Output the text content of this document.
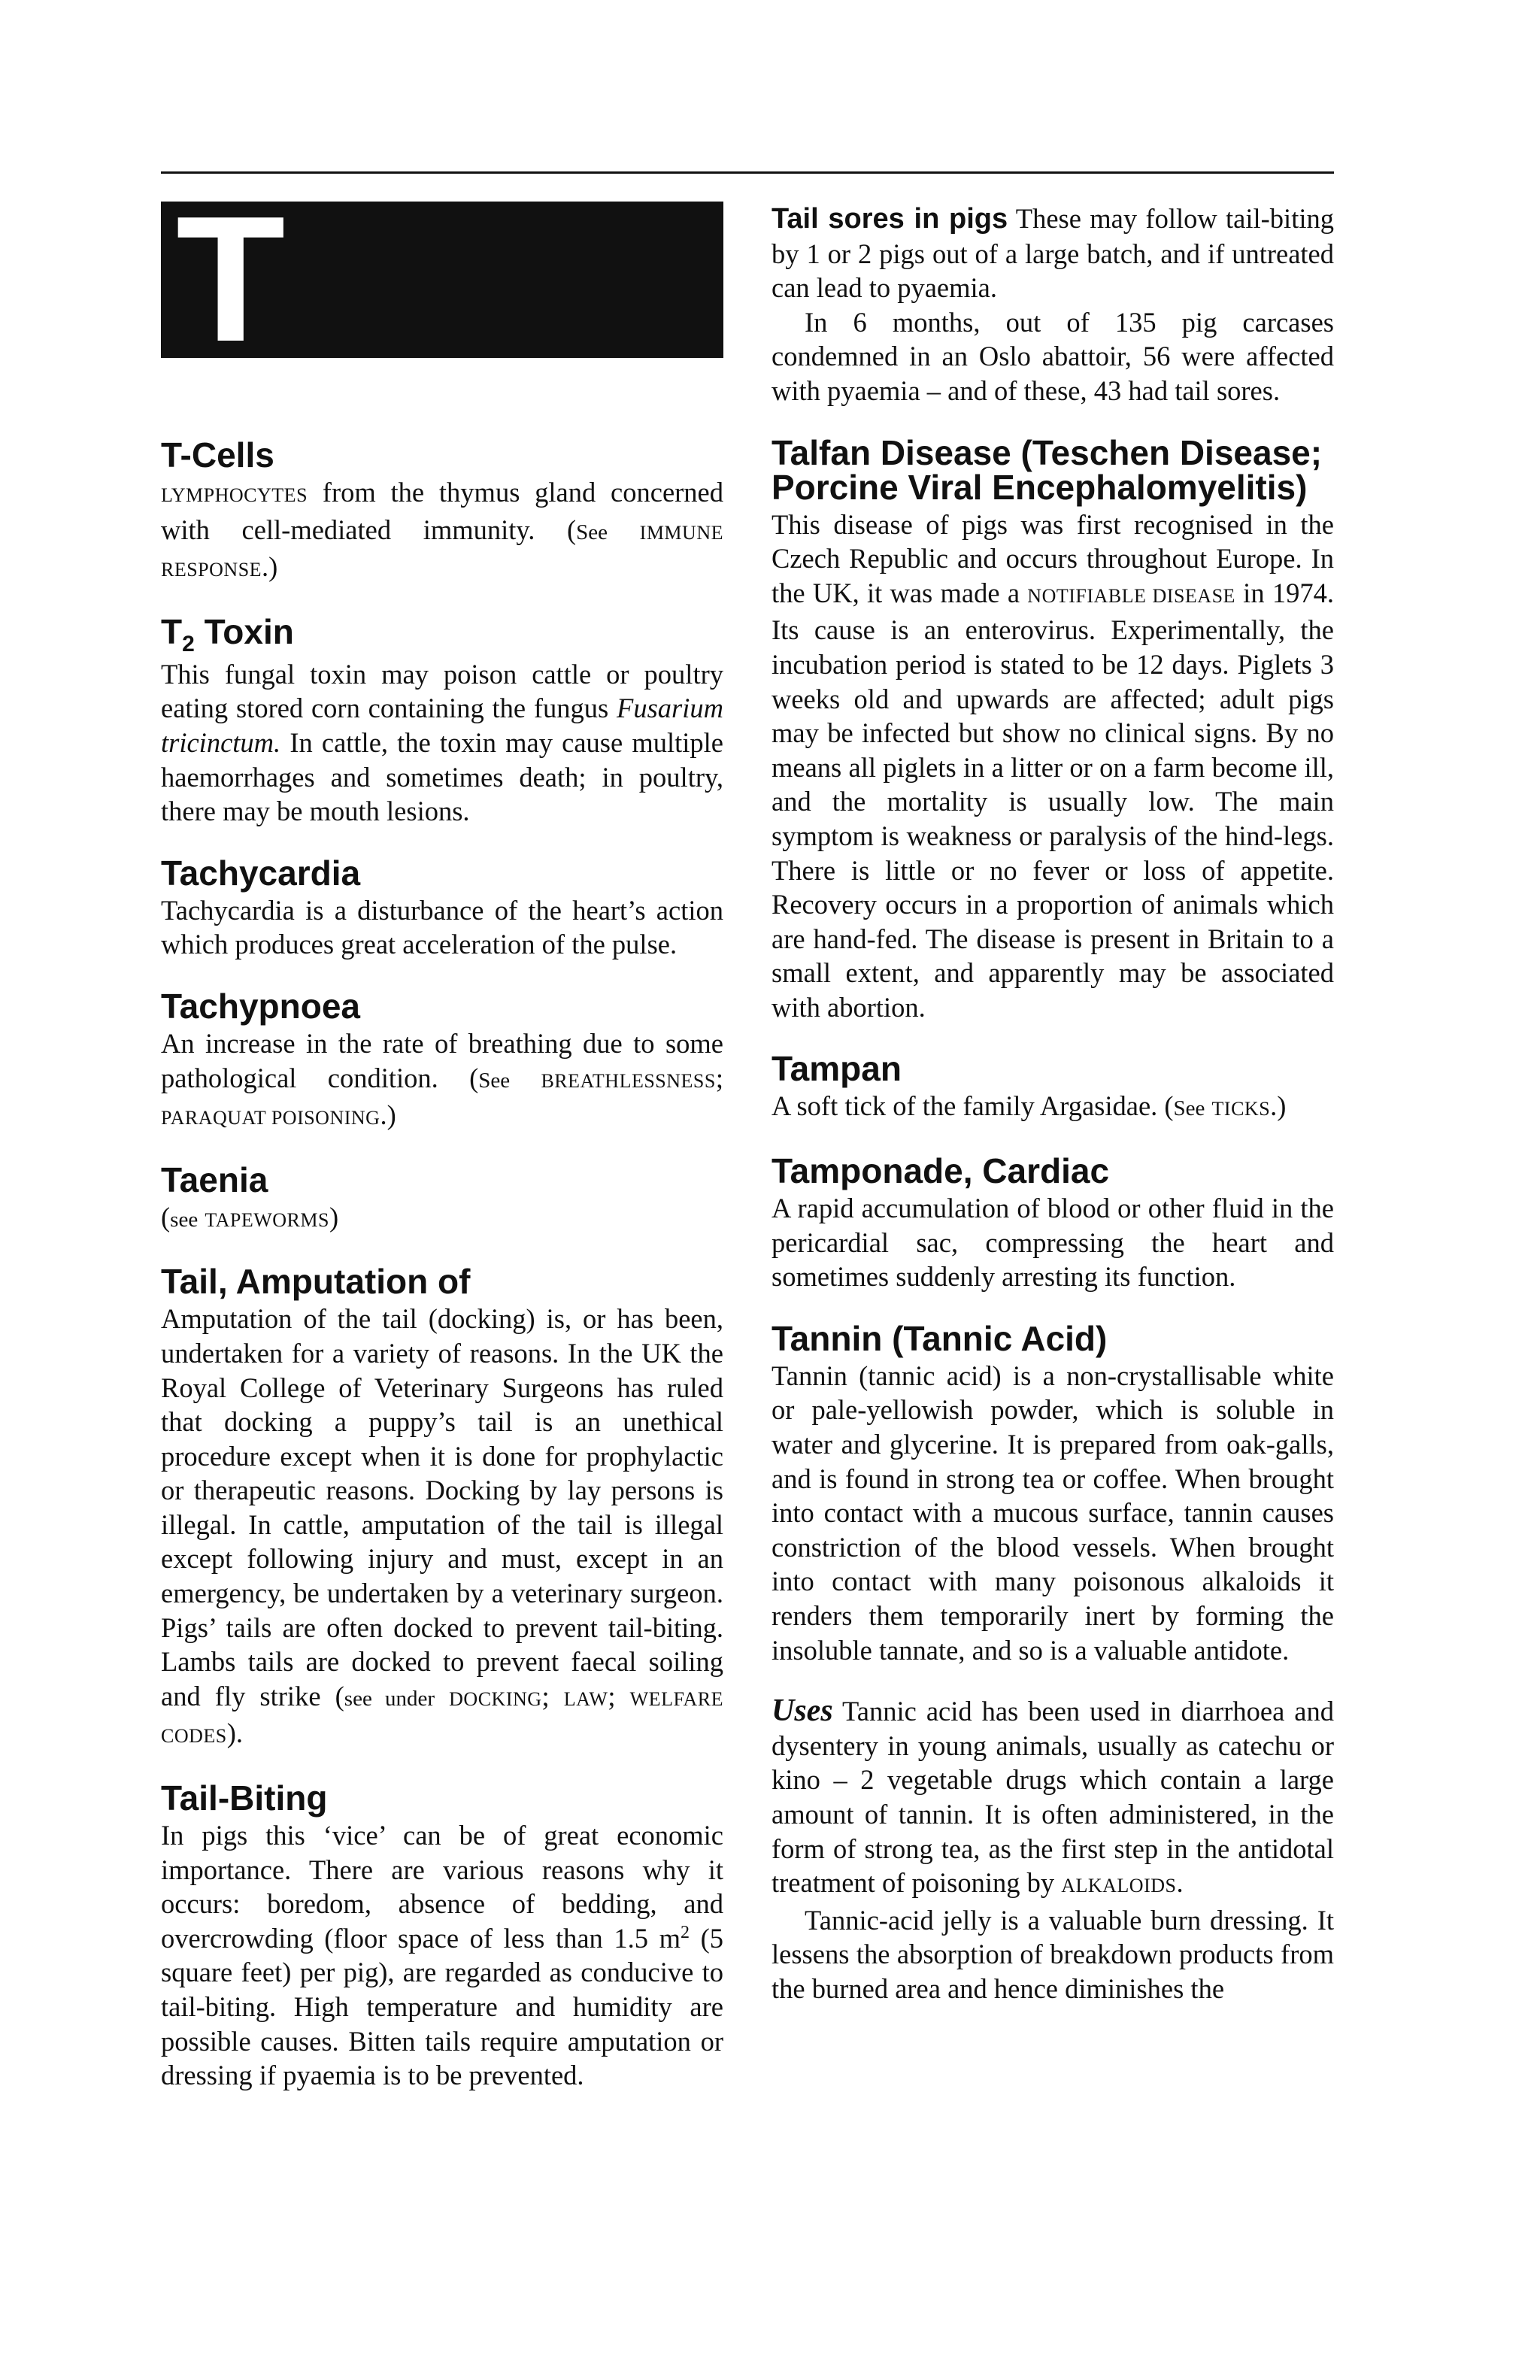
T
T-Cells

LYMPHOCYTES from the thymus gland concerned with cell-mediated immunity. (See IMMUNE RESPONSE.)

$T_2$ Toxin

This fungal toxin may poison cattle or poultry eating stored corn containing the fungus Fusarium tricinctum. In cattle, the toxin may cause multiple haemorrhages and sometimes death; in poultry, there may be mouth lesions.

Tachycardia

Tachycardia is a disturbance of the heart’s action which produces great acceleration of the pulse.

Tachypnoea

An increase in the rate of breathing due to some pathological condition. (See BREATHLESSNESS; PARAQUAT POISONING.)

Taenia

(see TAPEWORMS)

Tail, Amputation of

Amputation of the tail (docking) is, or has been, undertaken for a variety of reasons. In the UK the Royal College of Veterinary Surgeons has ruled that docking a puppy’s tail is an unethical procedure except when it is done for prophylactic or therapeutic reasons. Docking by lay persons is illegal. In cattle, amputation of the tail is illegal except following injury and must, except in an emergency, be undertaken by a veterinary surgeon. Pigs’ tails are often docked to prevent tail-biting. Lambs tails are docked to prevent faecal soiling and fly strike (see under DOCKING; LAW; WELFARE CODES).

Tail-Biting

In pigs this ‘vice’ can be of great economic importance. There are various reasons why it occurs: boredom, absence of bedding, and overcrowding (floor space of less than 1.5 $m^2$ (5 square feet) per pig), are regarded as conducive to tail-biting. High temperature and humidity are possible causes. Bitten tails require amputation or dressing if pyaemia is to be prevented.

Tail sores in pigs These may follow tail-biting by 1 or 2 pigs out of a large batch, and if untreated can lead to pyaemia.

In 6 months, out of 135 pig carcases condemned in an Oslo abattoir, 56 were affected with pyaemia – and of these, 43 had tail sores.

Talfan Disease (Teschen Disease; Porcine Viral Encephalomyelitis)

This disease of pigs was first recognised in the Czech Republic and occurs throughout Europe. In the UK, it was made a NOTIFIABLE DISEASE in 1974. Its cause is an enterovirus. Experimentally, the incubation period is stated to be 12 days. Piglets 3 weeks old and upwards are affected; adult pigs may be infected but show no clinical signs. By no means all piglets in a litter or on a farm become ill, and the mortality is usually low. The main symptom is weakness or paralysis of the hind-legs. There is little or no fever or loss of appetite. Recovery occurs in a proportion of animals which are hand-fed. The disease is present in Britain to a small extent, and apparently may be associated with abortion.

Tampan

A soft tick of the family Argasidae. (See TICKS.)

Tamponade, Cardiac

A rapid accumulation of blood or other fluid in the pericardial sac, compressing the heart and sometimes suddenly arresting its function.

Tannin (Tannic Acid)

Tannin (tannic acid) is a non-crystallisable white or pale-yellowish powder, which is soluble in water and glycerine. It is prepared from oak-galls, and is found in strong tea or coffee. When brought into contact with a mucous surface, tannin causes constriction of the blood vessels. When brought into contact with many poisonous alkaloids it renders them temporarily inert by forming the insoluble tannate, and so is a valuable antidote.

Uses Tannic acid has been used in diarrhoea and dysentery in young animals, usually as catechu or kino – 2 vegetable drugs which contain a large amount of tannin. It is often administered, in the form of strong tea, as the first step in the antidotal treatment of poisoning by ALKALOIDS.

Tannic-acid jelly is a valuable burn dressing. It lessens the absorption of breakdown products from the burned area and hence diminishes the
